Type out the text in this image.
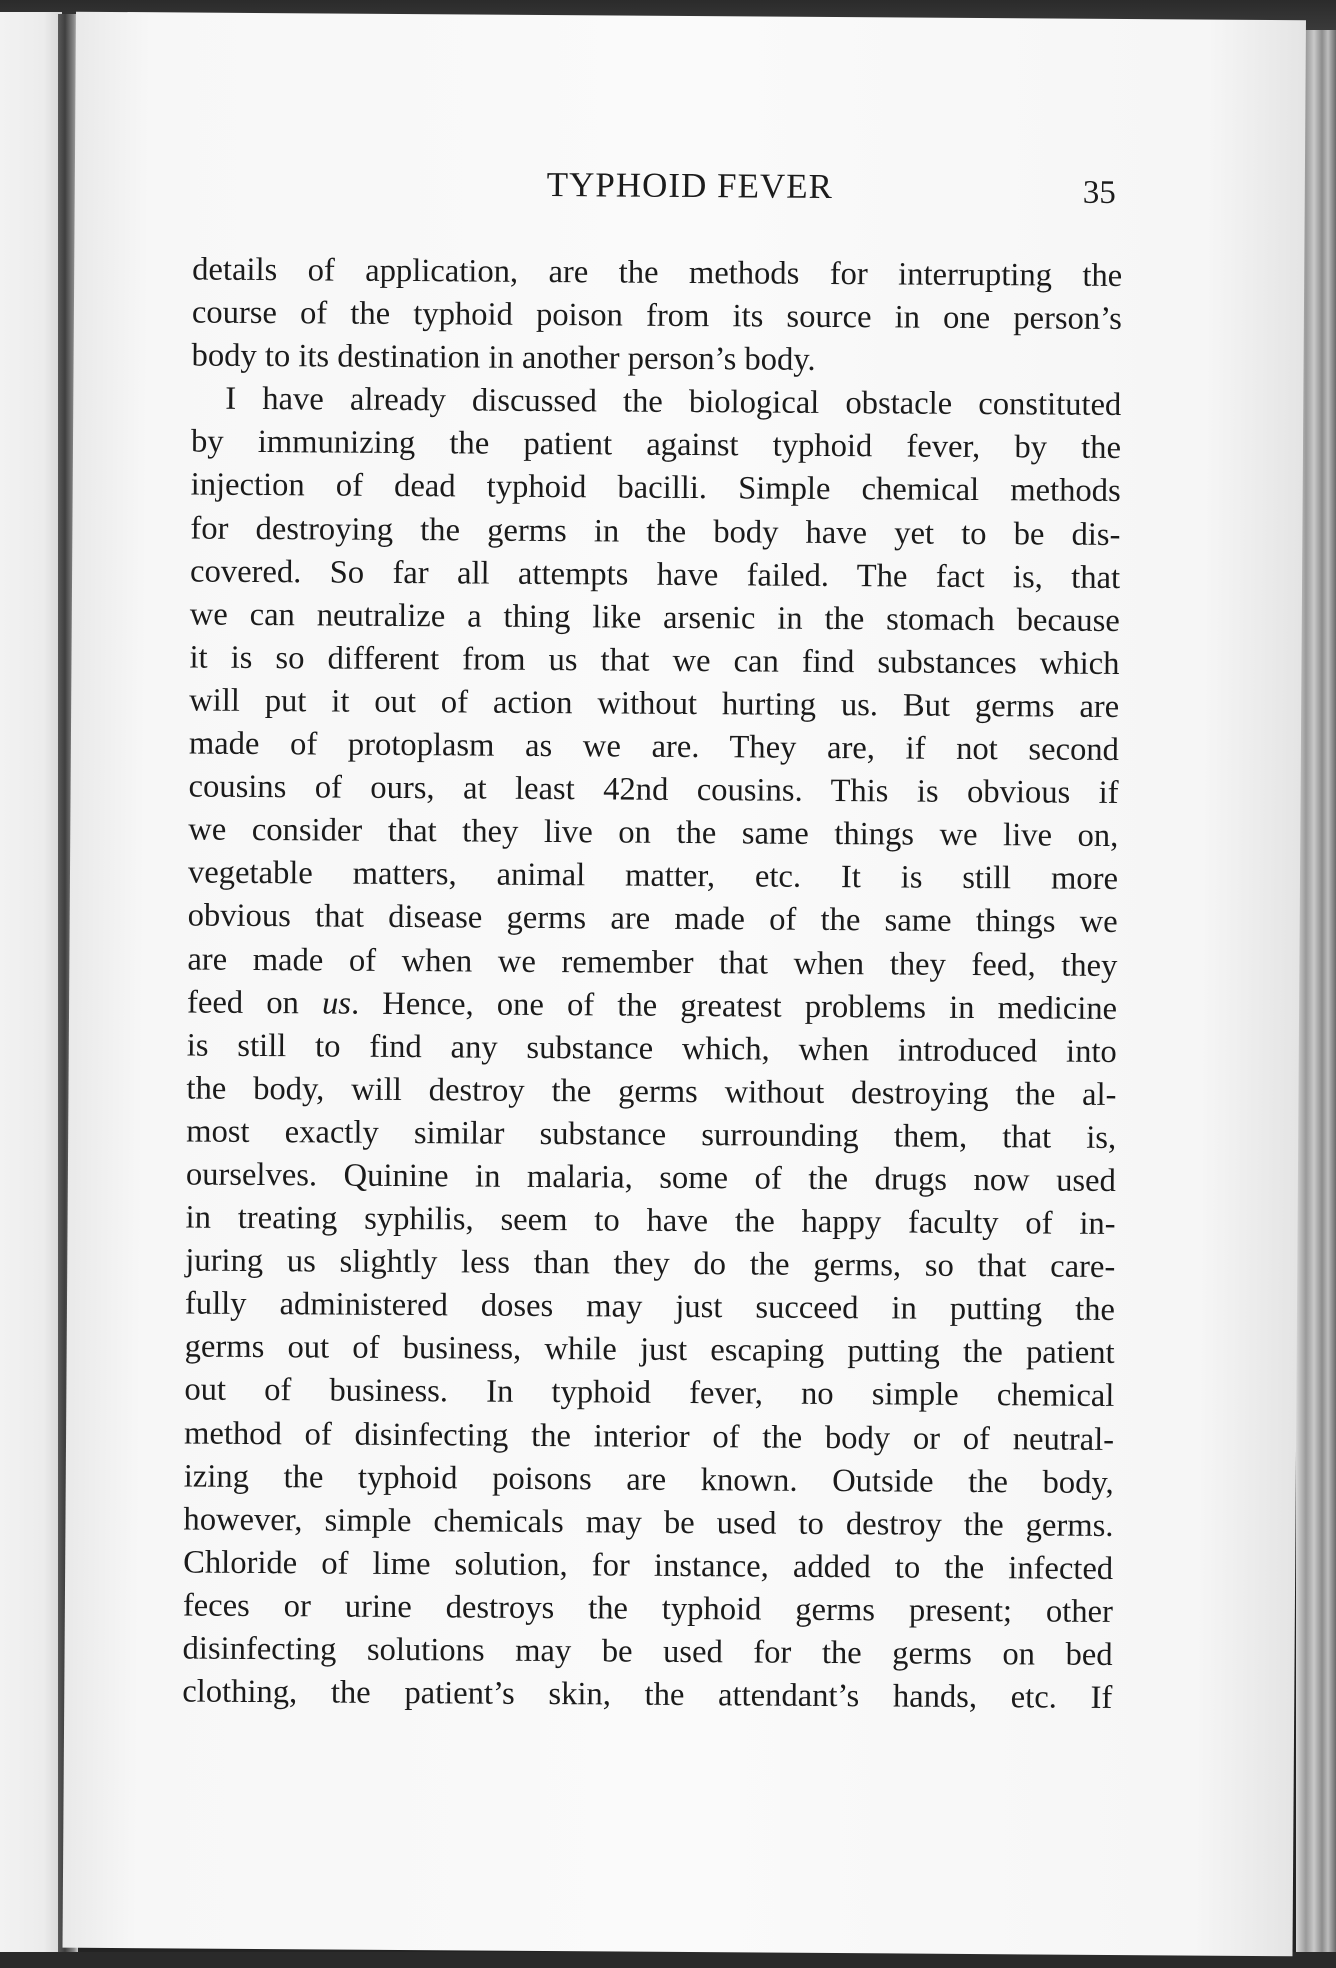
TYPHOID FEVER	35
details of application, are the methods for interrupting the
course of the typhoid poison from its source in one person’s
body to its destination in another person’s body.
I have already discussed the biological obstacle constituted
by immunizing the patient against typhoid fever, by the
injection of dead typhoid bacilli. Simple chemical methods
for destroying the germs in the body have yet to be dis-
covered. So far all attempts have failed. The fact is, that
we can neutralize a thing like arsenic in the stomach because
it is so different from us that we can find substances which
will put it out of action without hurting us. But germs are
made of protoplasm as we are. They are, if not second
cousins of ours, at least 42nd cousins. This is obvious if
we consider that they live on the same things we live on,
vegetable matters, animal matter, etc. It is still more
obvious that disease germs are made of the same things we
are made of when we remember that when they feed, they
feed on us. Hence, one of the greatest problems in medicine
is still to find any substance which, when introduced into
the body, will destroy the germs without destroying the al-
most exactly similar substance surrounding them, that is,
ourselves. Quinine in malaria, some of the drugs now used
in treating syphilis, seem to have the happy faculty of in-
juring us slightly less than they do the germs, so that care-
fully administered doses may just succeed in putting the
germs out of business, while just escaping putting the patient
out of business. In typhoid fever, no simple chemical
method of disinfecting the interior of the body or of neutral-
izing the typhoid poisons are known. Outside the body,
however, simple chemicals may be used to destroy the germs.
Chloride of lime solution, for instance, added to the infected
feces or urine destroys the typhoid germs present; other
disinfecting solutions may be used for the germs on bed
clothing, the patient’s skin, the attendant’s hands, etc. If
